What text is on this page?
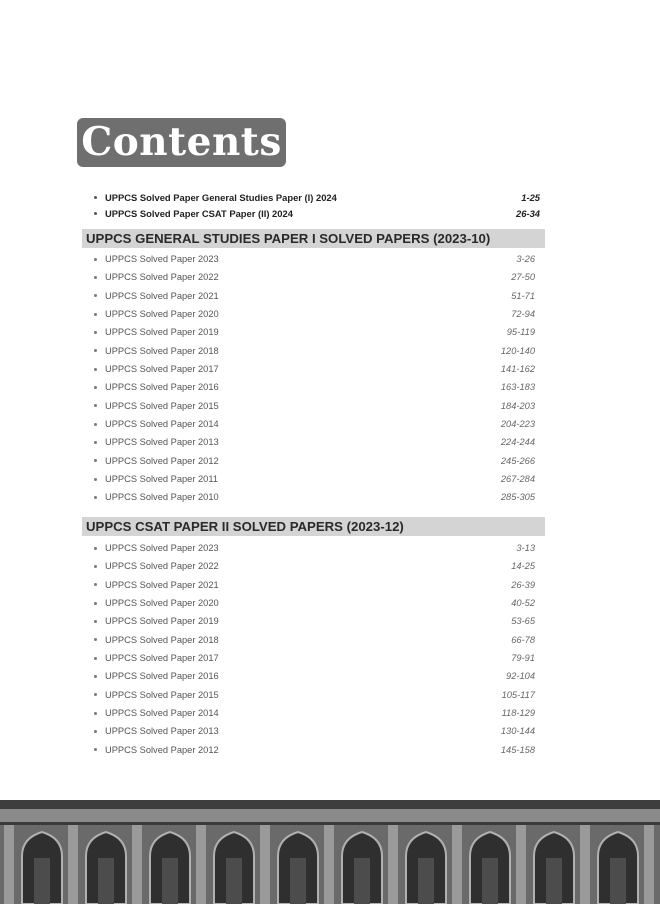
Contents
UPPCS Solved Paper General Studies Paper (I) 2024	1-25
UPPCS Solved Paper CSAT Paper (II) 2024	26-34
UPPCS GENERAL STUDIES PAPER I SOLVED PAPERS (2023-10)
UPPCS Solved Paper 2023	3-26
UPPCS Solved Paper 2022	27-50
UPPCS Solved Paper 2021	51-71
UPPCS Solved Paper 2020	72-94
UPPCS Solved Paper 2019	95-119
UPPCS Solved Paper 2018	120-140
UPPCS Solved Paper 2017	141-162
UPPCS Solved Paper 2016	163-183
UPPCS Solved Paper 2015	184-203
UPPCS Solved Paper 2014	204-223
UPPCS Solved Paper 2013	224-244
UPPCS Solved Paper 2012	245-266
UPPCS Solved Paper 2011	267-284
UPPCS Solved Paper 2010	285-305
UPPCS CSAT PAPER II SOLVED PAPERS (2023-12)
UPPCS Solved Paper 2023	3-13
UPPCS Solved Paper 2022	14-25
UPPCS Solved Paper 2021	26-39
UPPCS Solved Paper 2020	40-52
UPPCS Solved Paper 2019	53-65
UPPCS Solved Paper 2018	66-78
UPPCS Solved Paper 2017	79-91
UPPCS Solved Paper 2016	92-104
UPPCS Solved Paper 2015	105-117
UPPCS Solved Paper 2014	118-129
UPPCS Solved Paper 2013	130-144
UPPCS Solved Paper 2012	145-158
